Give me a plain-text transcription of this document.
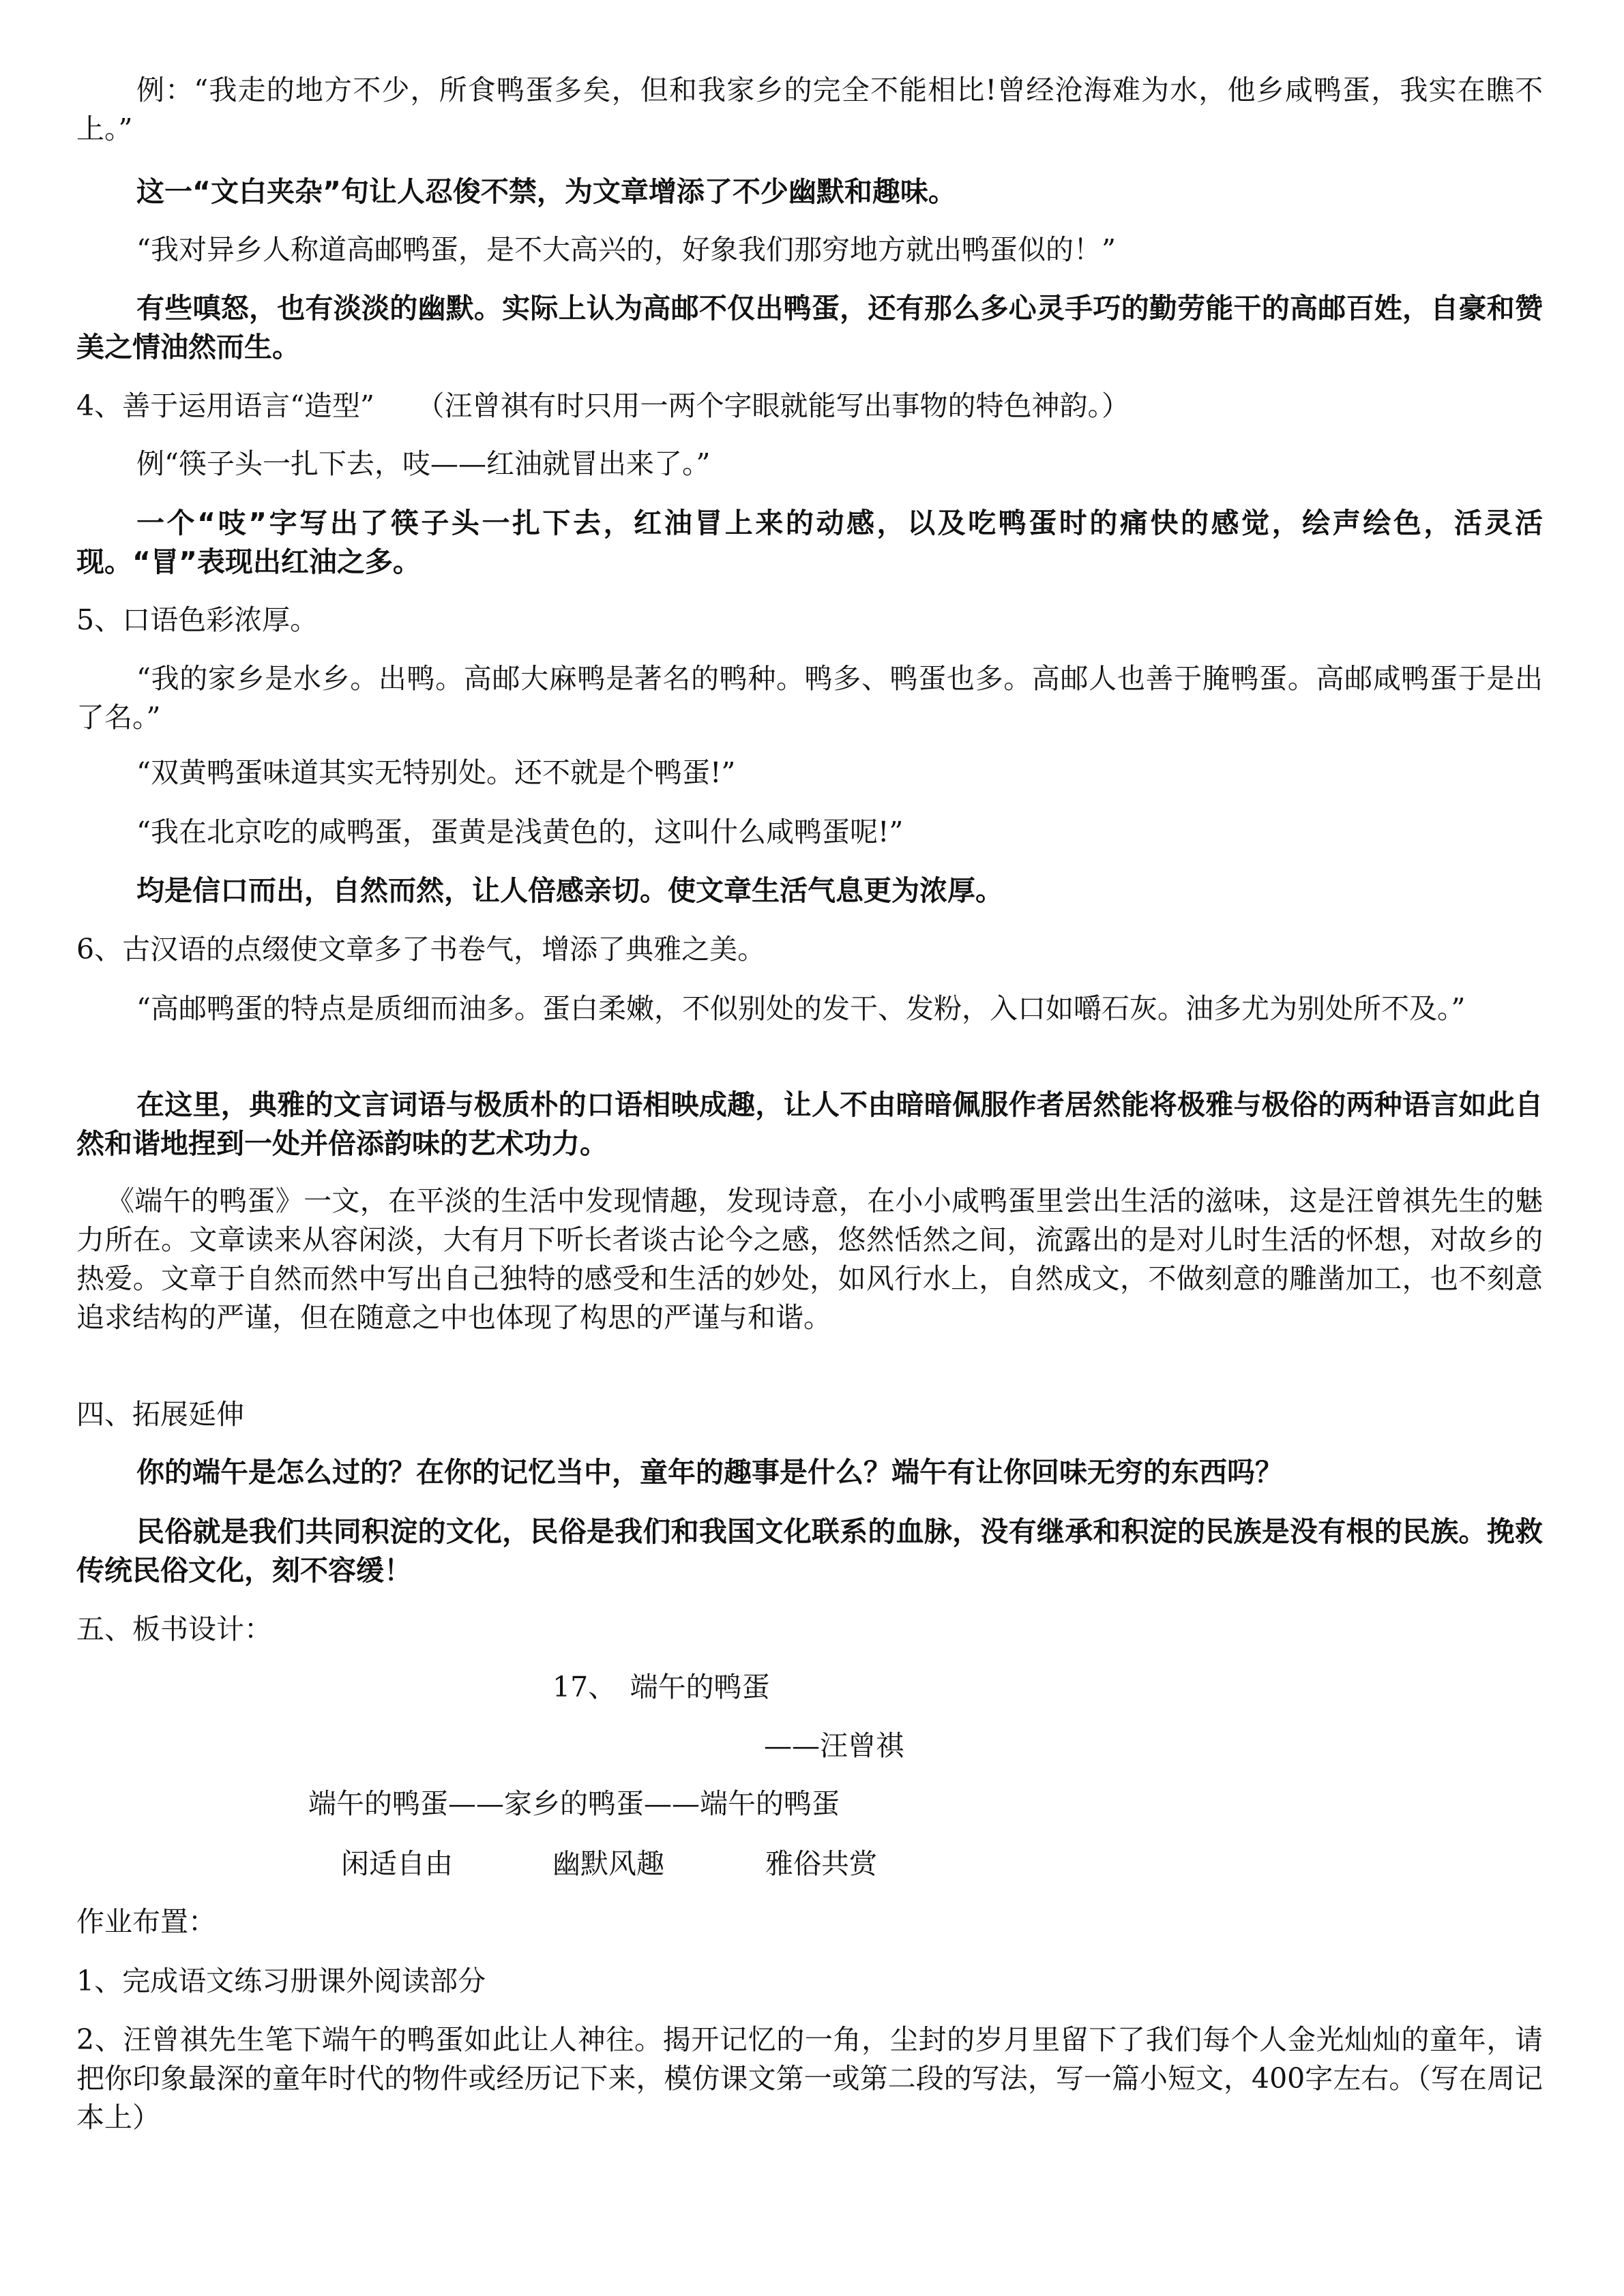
例：“我走的地方不少，所食鸭蛋多矣，但和我家乡的完全不能相比!曾经沧海难为水，他乡咸鸭蛋，我实在瞧不上。”
这一“文白夹杂”句让人忍俊不禁，为文章增添了不少幽默和趣味。
“我对异乡人称道高邮鸭蛋，是不大高兴的，好象我们那穷地方就出鸭蛋似的！”
有些嗔怒，也有淡淡的幽默。实际上认为高邮不仅出鸭蛋，还有那么多心灵手巧的勤劳能干的高邮百姓，自豪和赞美之情油然而生。
4、善于运用语言“造型”　　（汪曾祺有时只用一两个字眼就能写出事物的特色神韵。）
例“筷子头一扎下去，吱——红油就冒出来了。”
一个“吱”字写出了筷子头一扎下去，红油冒上来的动感，以及吃鸭蛋时的痛快的感觉，绘声绘色，活灵活现。“冒”表现出红油之多。
5、口语色彩浓厚。
“我的家乡是水乡。出鸭。高邮大麻鸭是著名的鸭种。鸭多、鸭蛋也多。高邮人也善于腌鸭蛋。高邮咸鸭蛋于是出了名。”
“双黄鸭蛋味道其实无特别处。还不就是个鸭蛋!”
“我在北京吃的咸鸭蛋，蛋黄是浅黄色的，这叫什么咸鸭蛋呢!”
均是信口而出，自然而然，让人倍感亲切。使文章生活气息更为浓厚。
6、古汉语的点缀使文章多了书卷气，增添了典雅之美。
“高邮鸭蛋的特点是质细而油多。蛋白柔嫩，不似别处的发干、发粉，入口如嚼石灰。油多尤为别处所不及。”
在这里，典雅的文言词语与极质朴的口语相映成趣，让人不由暗暗佩服作者居然能将极雅与极俗的两种语言如此自然和谐地捏到一处并倍添韵味的艺术功力。
《端午的鸭蛋》一文，在平淡的生活中发现情趣，发现诗意，在小小咸鸭蛋里尝出生活的滋味，这是汪曾祺先生的魅力所在。文章读来从容闲淡，大有月下听长者谈古论今之感，悠然恬然之间，流露出的是对儿时生活的怀想，对故乡的热爱。文章于自然而然中写出自己独特的感受和生活的妙处，如风行水上，自然成文，不做刻意的雕凿加工，也不刻意追求结构的严谨，但在随意之中也体现了构思的严谨与和谐。
四、拓展延伸
你的端午是怎么过的？在你的记忆当中，童年的趣事是什么？端午有让你回味无穷的东西吗？
民俗就是我们共同积淀的文化，民俗是我们和我国文化联系的血脉，没有继承和积淀的民族是没有根的民族。挽救传统民俗文化，刻不容缓！
五、板书设计：
17、　端午的鸭蛋
——汪曾祺
端午的鸭蛋——家乡的鸭蛋——端午的鸭蛋
闲适自由	幽默风趣	雅俗共赏
作业布置：
1、完成语文练习册课外阅读部分
2、汪曾祺先生笔下端午的鸭蛋如此让人神往。揭开记忆的一角，尘封的岁月里留下了我们每个人金光灿灿的童年，请把你印象最深的童年时代的物件或经历记下来，模仿课文第一或第二段的写法，写一篇小短文，400字左右。（写在周记本上）
